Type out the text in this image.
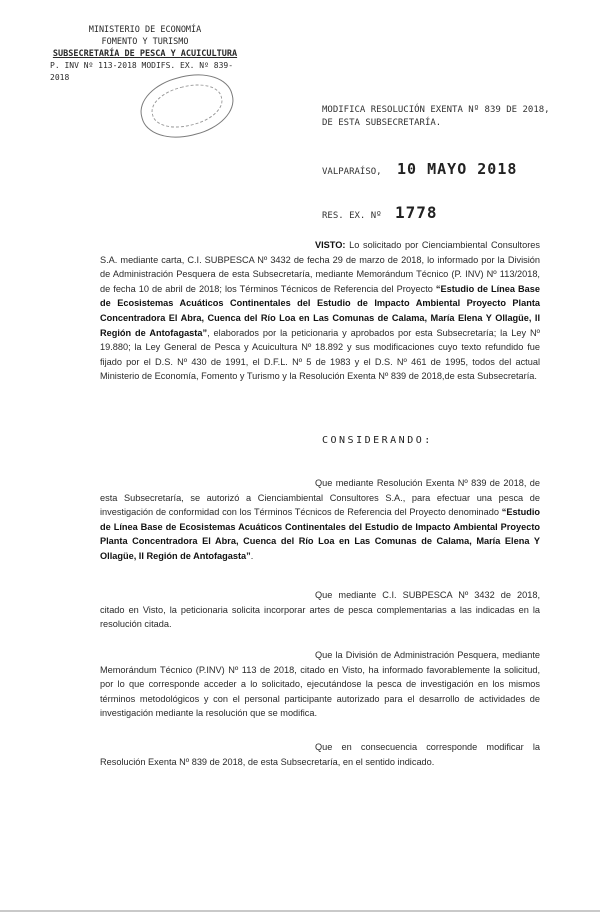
MINISTERIO DE ECONOMÍA
FOMENTO Y TURISMO
SUBSECRETARÍA DE PESCA Y ACUICULTURA
P. INV Nº 113-2018 MODIFS. EX. Nº 839-2018
MODIFICA RESOLUCIÓN EXENTA Nº 839 DE 2018,
DE ESTA SUBSECRETARÍA.
VALPARAÍSO, 10 MAYO 2018
RES. EX. Nº 1778

VISTO: Lo solicitado por Cienciambiental Consultores S.A. mediante carta, C.I. SUBPESCA Nº 3432 de fecha 29 de marzo de 2018, lo informado por la División de Administración Pesquera de esta Subsecretaría, mediante Memorándum Técnico (P. INV) Nº 113/2018, de fecha 10 de abril de 2018; los Términos Técnicos de Referencia del Proyecto “Estudio de Línea Base de Ecosistemas Acuáticos Continentales del Estudio de Impacto Ambiental Proyecto Planta Concentradora El Abra, Cuenca del Río Loa en Las Comunas de Calama, María Elena Y Ollagüe, II Región de Antofagasta”, elaborados por la peticionaria y aprobados por esta Subsecretaría; la Ley Nº 19.880; la Ley General de Pesca y Acuicultura Nº 18.892 y sus modificaciones cuyo texto refundido fue fijado por el D.S. Nº 430 de 1991, el D.F.L. Nº 5 de 1983 y el D.S. Nº 461 de 1995, todos del actual Ministerio de Economía, Fomento y Turismo y la Resolución Exenta Nº 839 de 2018,de esta Subsecretaría.

CONSIDERANDO:

Que mediante Resolución Exenta Nº 839 de 2018, de esta Subsecretaría, se autorizó a Cienciambiental Consultores S.A., para efectuar una pesca de investigación de conformidad con los Términos Técnicos de Referencia del Proyecto denominado “Estudio de Línea Base de Ecosistemas Acuáticos Continentales del Estudio de Impacto Ambiental Proyecto Planta Concentradora El Abra, Cuenca del Río Loa en Las Comunas de Calama, María Elena Y Ollagüe, II Región de Antofagasta”.

Que mediante C.I. SUBPESCA Nº 3432 de 2018, citado en Visto, la peticionaria solicita incorporar artes de pesca complementarias a las indicadas en la resolución citada.

Que la División de Administración Pesquera, mediante Memorándum Técnico (P.INV) Nº 113 de 2018, citado en Visto, ha informado favorablemente la solicitud, por lo que corresponde acceder a lo solicitado, ejecutándose la pesca de investigación en los mismos términos metodológicos y con el personal participante autorizado para el desarrollo de actividades de investigación mediante la resolución que se modifica.

Que en consecuencia corresponde modificar la Resolución Exenta Nº 839 de 2018, de esta Subsecretaría, en el sentido indicado.
